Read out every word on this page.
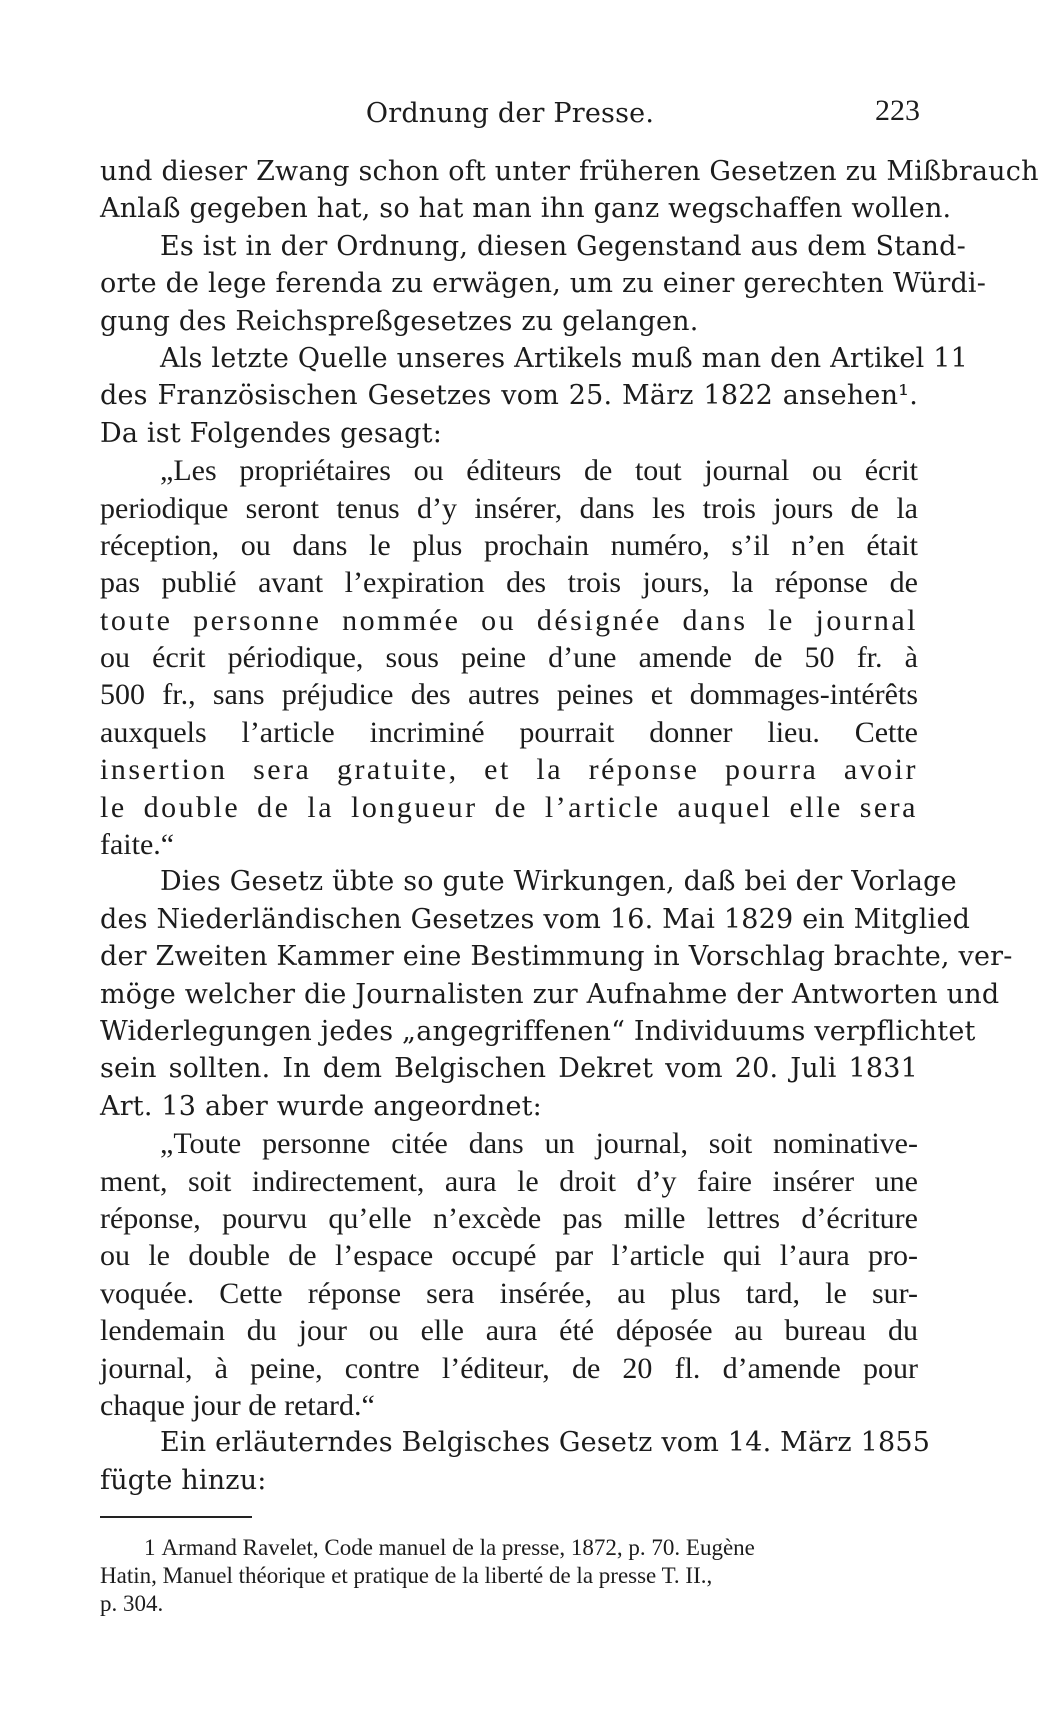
Ordnung der Presse.	223
und dieser Zwang schon oft unter früheren Gesetzen zu Mißbrauch
Anlaß gegeben hat, so hat man ihn ganz wegschaffen wollen.
Es ist in der Ordnung, diesen Gegenstand aus dem Stand-
orte de lege ferenda zu erwägen, um zu einer gerechten Würdi-
gung des Reichspreßgesetzes zu gelangen.
Als letzte Quelle unseres Artikels muß man den Artikel 11
des Französischen Gesetzes vom 25. März 1822 ansehen¹.
Da ist Folgendes gesagt:
„Les propriétaires ou éditeurs de tout journal ou écrit
periodique seront tenus d’y insérer, dans les trois jours de la
réception, ou dans le plus prochain numéro, s’il n’en était
pas publié avant l’expiration des trois jours, la réponse de
toute personne nommée ou désignée dans le journal
ou écrit périodique, sous peine d’une amende de 50 fr. à
500 fr., sans préjudice des autres peines et dommages-intérêts
auxquels l’article incriminé pourrait donner lieu. Cette
insertion sera gratuite, et la réponse pourra avoir
le double de la longueur de l’article auquel elle sera
faite.“
Dies Gesetz übte so gute Wirkungen, daß bei der Vorlage
des Niederländischen Gesetzes vom 16. Mai 1829 ein Mitglied
der Zweiten Kammer eine Bestimmung in Vorschlag brachte, ver-
möge welcher die Journalisten zur Aufnahme der Antworten und
Widerlegungen jedes „angegriffenen“ Individuums verpflichtet
sein sollten. In dem Belgischen Dekret vom 20. Juli 1831
Art. 13 aber wurde angeordnet:
„Toute personne citée dans un journal, soit nominative-
ment, soit indirectement, aura le droit d’y faire insérer une
réponse, pourvu qu’elle n’excède pas mille lettres d’écriture
ou le double de l’espace occupé par l’article qui l’aura pro-
voquée. Cette réponse sera insérée, au plus tard, le sur-
lendemain du jour ou elle aura été déposée au bureau du
journal, à peine, contre l’éditeur, de 20 fl. d’amende pour
chaque jour de retard.“
Ein erläuterndes Belgisches Gesetz vom 14. März 1855
fügte hinzu:
1 Armand Ravelet, Code manuel de la presse, 1872, p. 70. Eugène
Hatin, Manuel théorique et pratique de la liberté de la presse T. II.,
p. 304.
